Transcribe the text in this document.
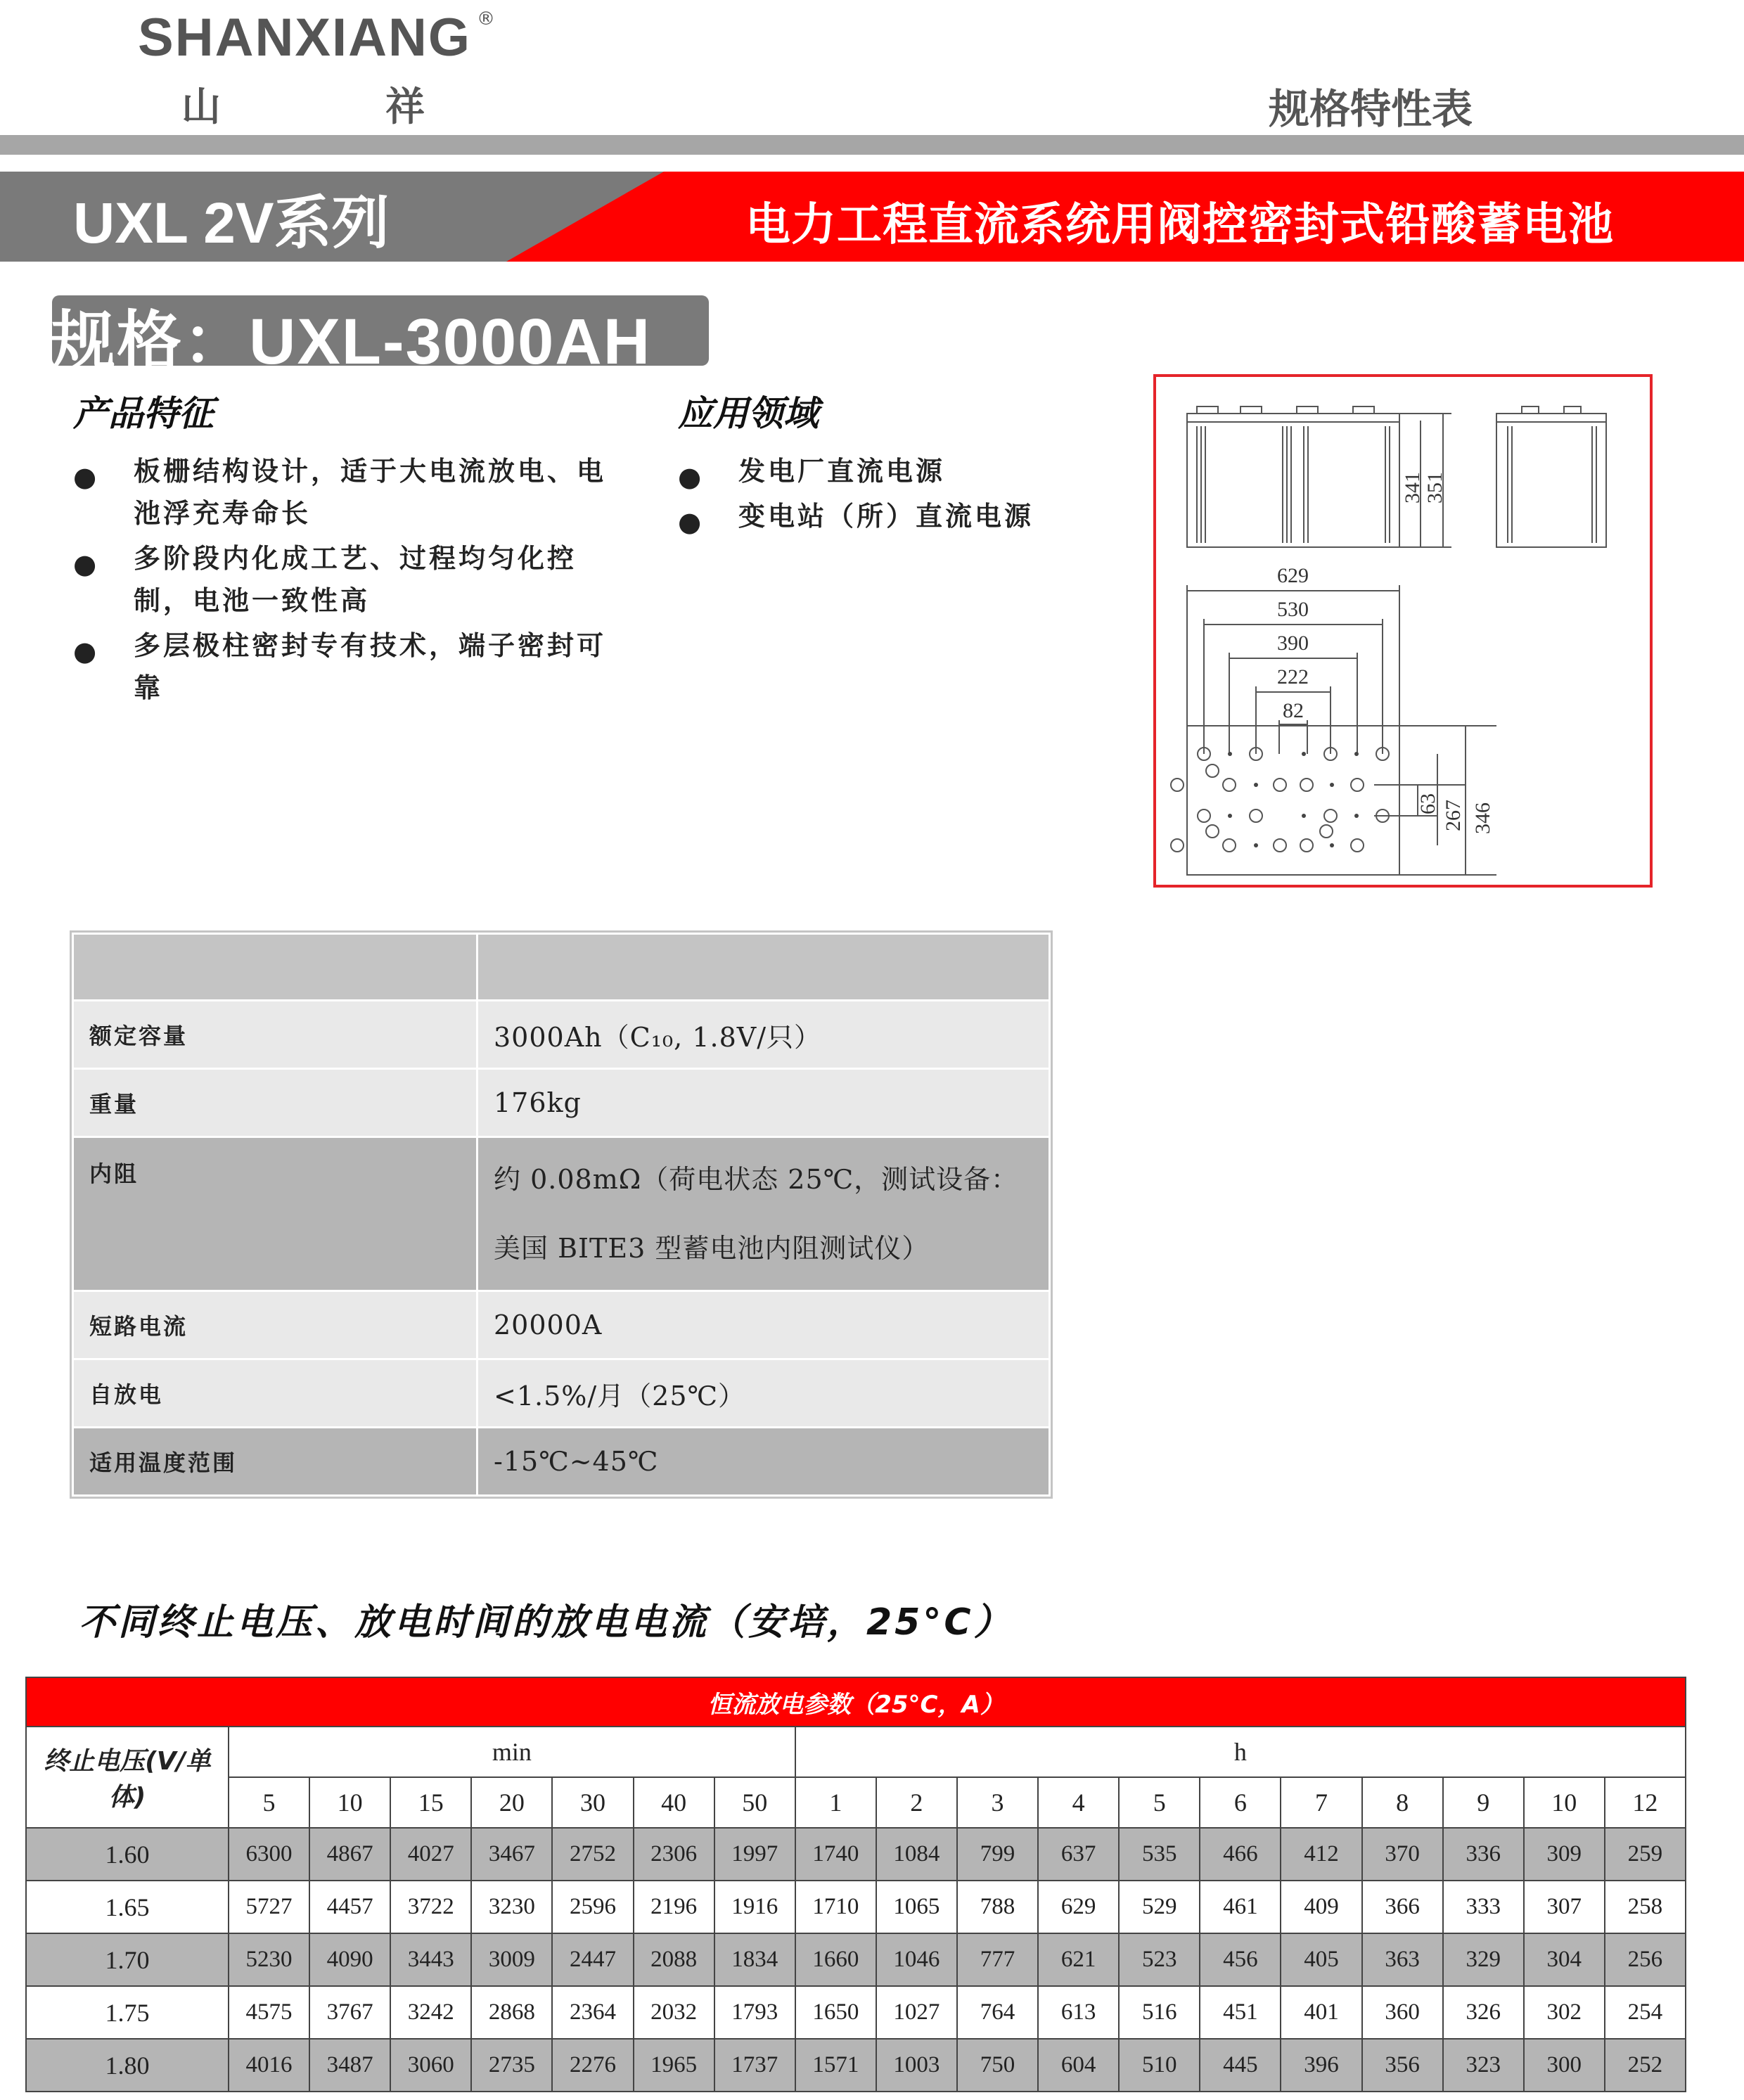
SHANXIANG ®
山	祥	规格特性表
UXL 2V系列	电力工程直流系统用阀控密封式铅酸蓄电池
规格：UXL-3000AH
产品特征
● 板栅结构设计，适于大电流放电、电池浮充寿命长
● 多阶段内化成工艺、过程均匀化控制，电池一致性高
● 多层极柱密封专有技术，端子密封可靠
应用领域
● 发电厂直流电源
● 变电站（所）直流电源
341 351
629
530
390
222
82
63 267 346

额定容量	3000Ah（C₁₀, 1.8V/只）
重量	176kg
内阻	约 0.08mΩ（荷电状态 25℃，测试设备：
美国 BITE3 型蓄电池内阻测试仪）

短路电流	20000A
自放电	<1.5%/月（25℃）
适用温度范围	-15℃~45℃
不同终止电压、放电时间的放电电流（安培，25°C）
恒流放电参数（25°C，A）																		
终止电压(V/单体)	min							h										
	5	10	15	20	30	40	50	1	2	3	4	5	6	7	8	9	10	12
1.60	6300	4867	4027	3467	2752	2306	1997	1740	1084	799	637	535	466	412	370	336	309	259
1.65	5727	4457	3722	3230	2596	2196	1916	1710	1065	788	629	529	461	409	366	333	307	258
1.70	5230	4090	3443	3009	2447	2088	1834	1660	1046	777	621	523	456	405	363	329	304	256
1.75	4575	3767	3242	2868	2364	2032	1793	1650	1027	764	613	516	451	401	360	326	302	254
1.80	4016	3487	3060	2735	2276	1965	1737	1571	1003	750	604	510	445	396	356	323	300	252
